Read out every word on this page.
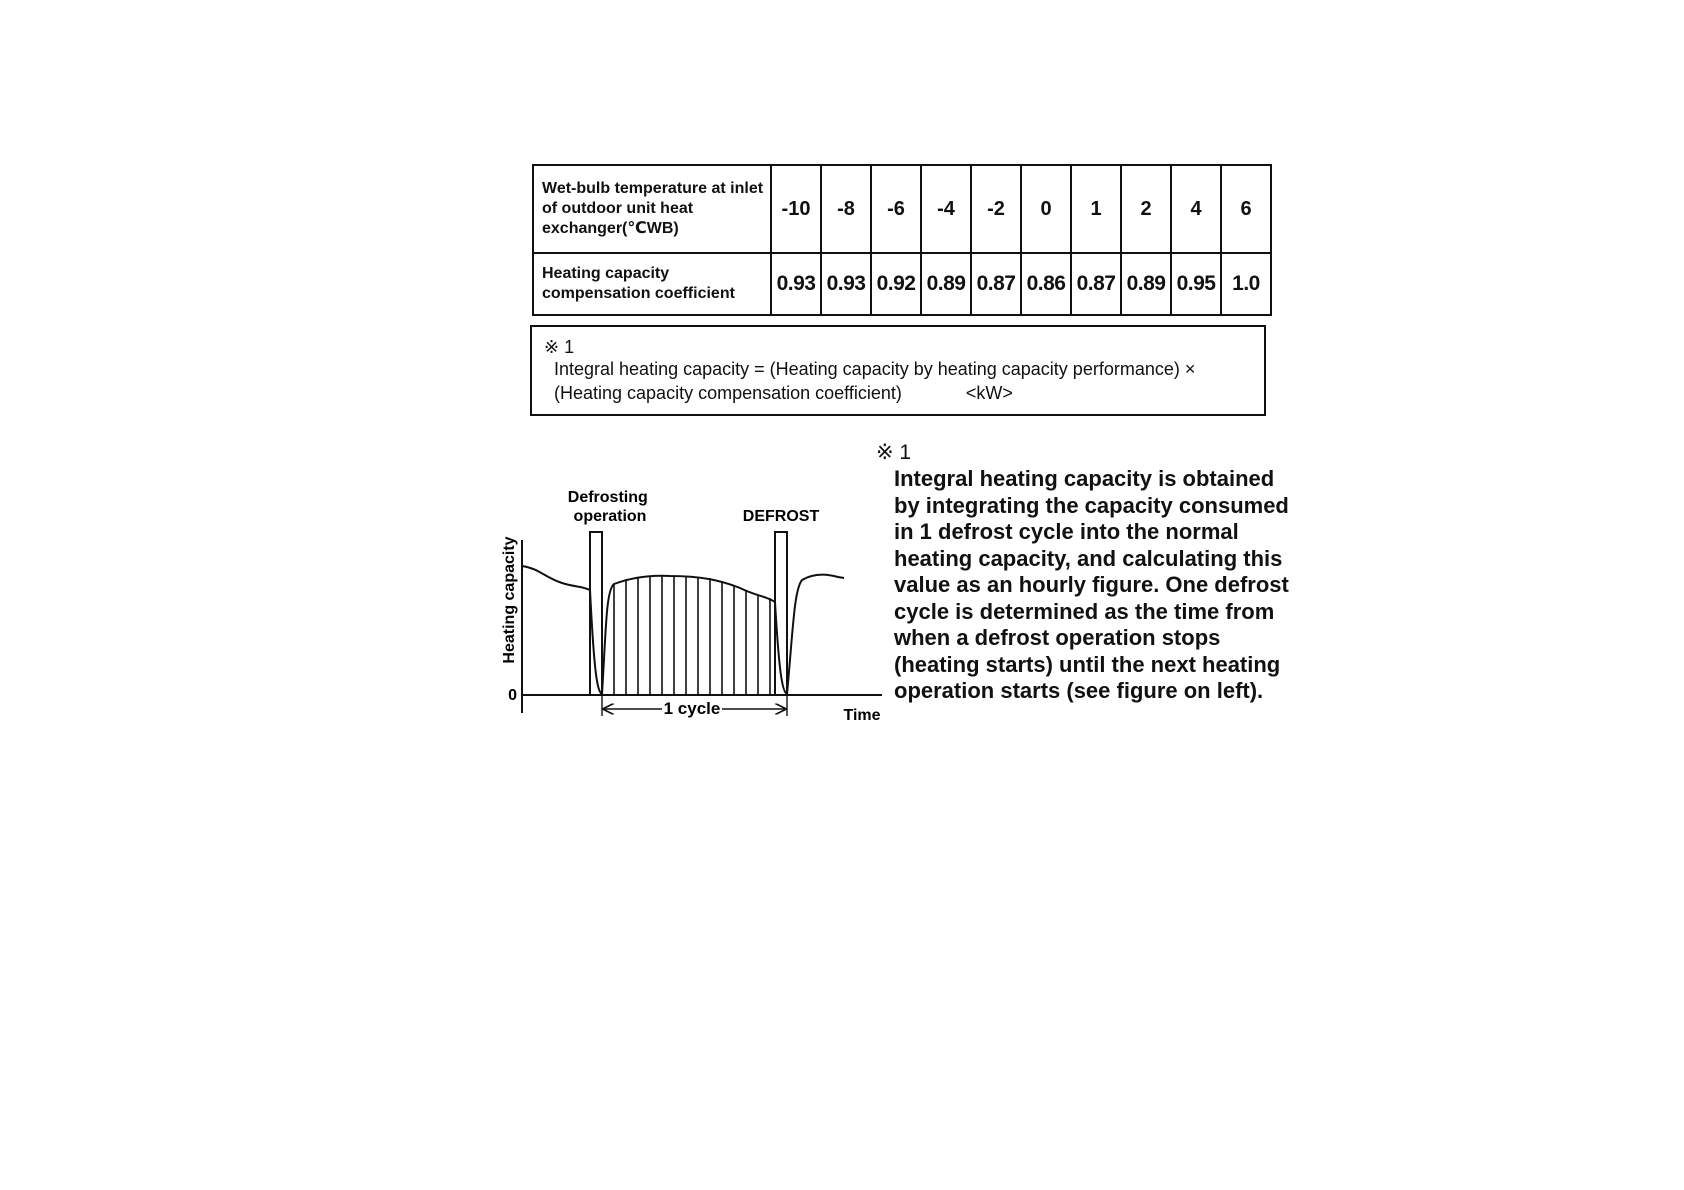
Wet-bulb temperature at inlet of outdoor unit heat exchanger(℃WB)	-10	-8	-6	-4	-2	0	1	2	4	6
Heating capacity compensation coefficient	0.93	0.93	0.92	0.89	0.87	0.86	0.87	0.89	0.95	1.0
※ 1
Integral heating capacity = (Heating capacity by heating capacity performance) ×
(Heating capacity compensation coefficient)	<kW>
Heating capacity
0
1 cycle	Time
Defrosting operation	DEFROST
※ 1
Integral heating capacity is obtained
by integrating the capacity consumed
in 1 defrost cycle into the normal
heating capacity, and calculating this
value as an hourly figure. One defrost
cycle is determined as the time from
when a defrost operation stops
(heating starts) until the next heating
operation starts (see figure on left).
